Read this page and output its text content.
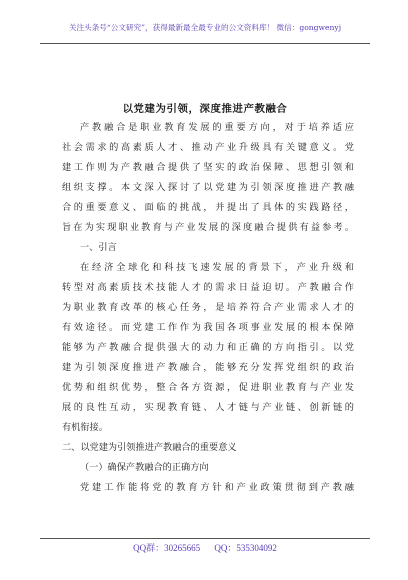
关注头条号“公文研究”，获得最新最全最专业的公文资料库！ 微信：gongwenyj
以党建为引领，深度推进产教融合
产教融合是职业教育发展的重要方向，对于培养适应
社会需求的高素质人才、推动产业升级具有关键意义。党
建工作则为产教融合提供了坚实的政治保障、思想引领和
组织支撑。本文深入探讨了以党建为引领深度推进产教融
合的重要意义、面临的挑战，并提出了具体的实践路径，
旨在为实现职业教育与产业发展的深度融合提供有益参考。
一、引言
在经济全球化和科技飞速发展的背景下，产业升级和
转型对高素质技术技能人才的需求日益迫切。产教融合作
为职业教育改革的核心任务，是培养符合产业需求人才的
有效途径。而党建工作作为我国各项事业发展的根本保障
能够为产教融合提供强大的动力和正确的方向指引。以党
建为引领深度推进产教融合，能够充分发挥党组织的政治
优势和组织优势，整合各方资源，促进职业教育与产业发
展的良性互动，实现教育链、人才链与产业链、创新链的
有机衔接。
二、以党建为引领推进产教融合的重要意义
（一）确保产教融合的正确方向
党建工作能将党的教育方针和产业政策贯彻到产教融
QQ群：30265665 QQ：535304092
